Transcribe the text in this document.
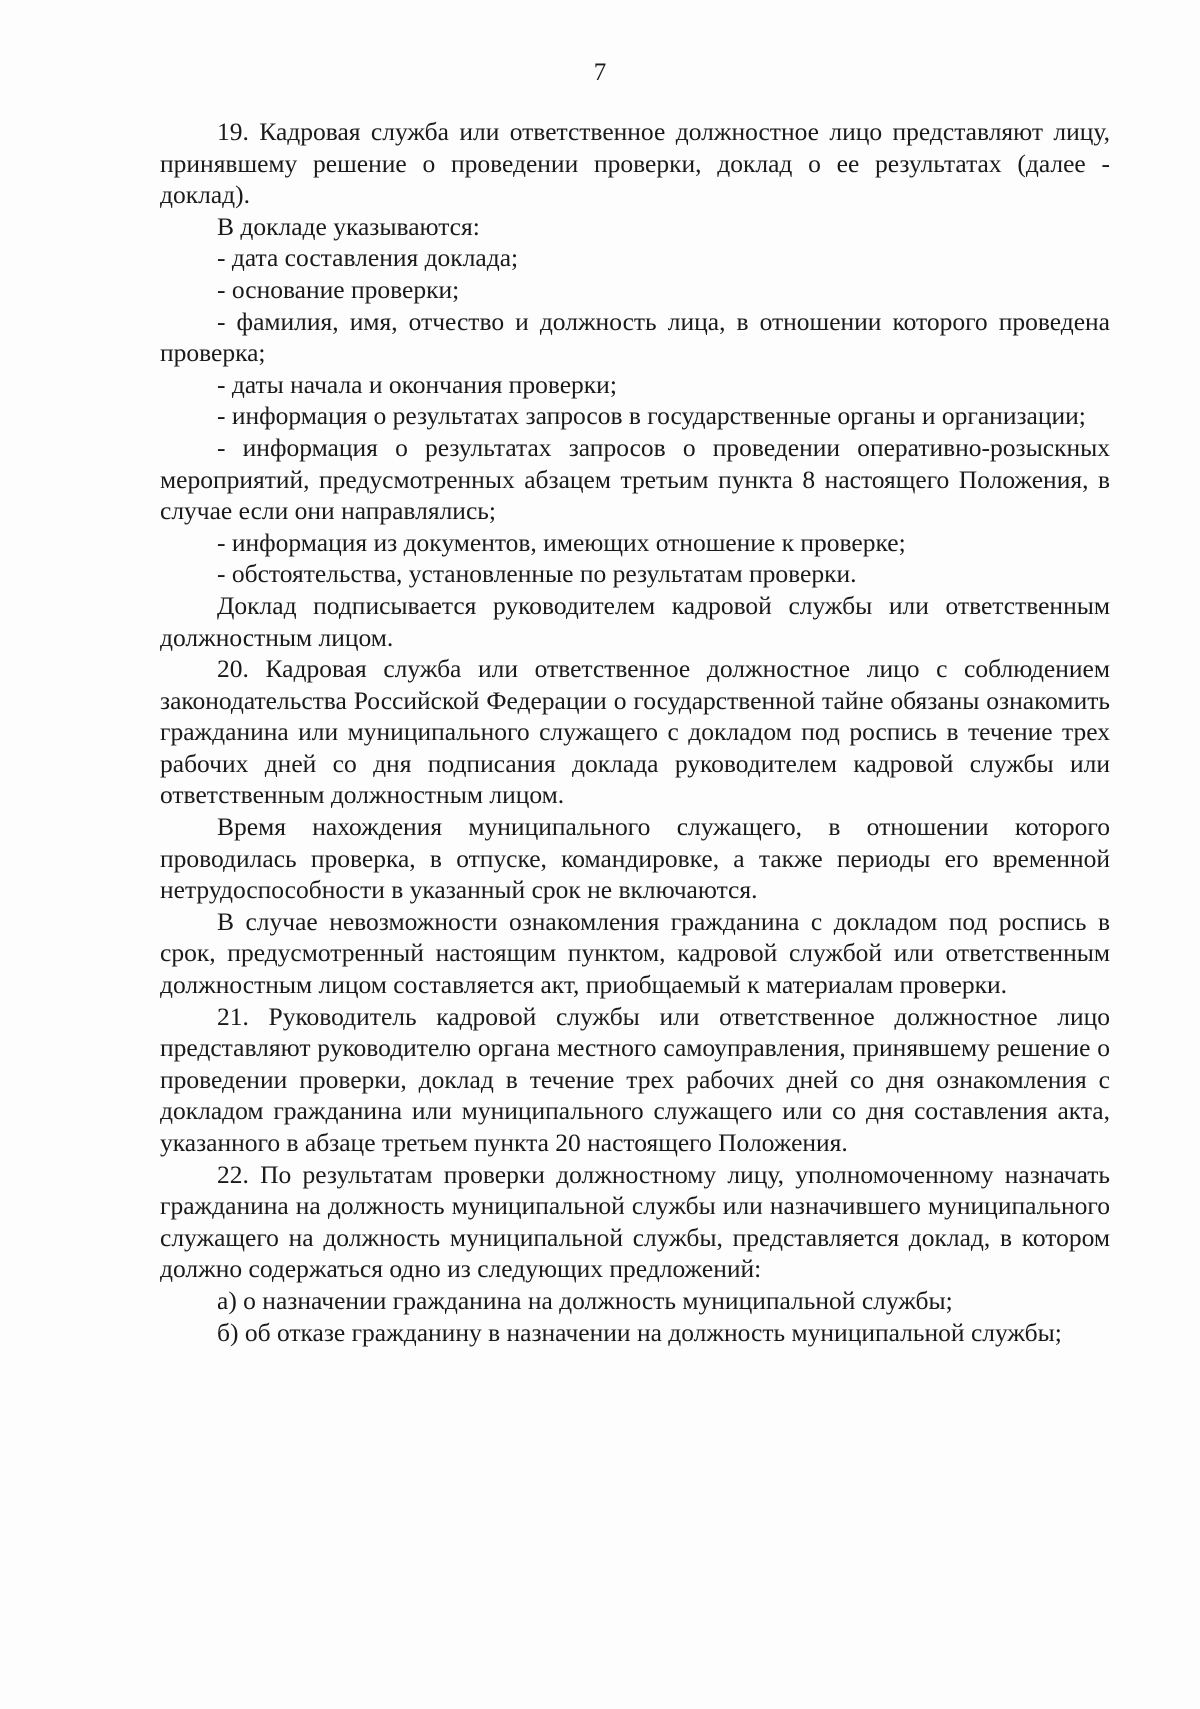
7

19. Кадровая служба или ответственное должностное лицо представляют лицу, принявшему решение о проведении проверки, доклад о ее результатах (далее - доклад).

В докладе указываются:

- дата составления доклада;

- основание проверки;

- фамилия, имя, отчество и должность лица, в отношении которого проведена проверка;

- даты начала и окончания проверки;

- информация о результатах запросов в государственные органы и организации;

- информация о результатах запросов о проведении оперативно-розыскных мероприятий, предусмотренных абзацем третьим пункта 8 настоящего Положения, в случае если они направлялись;

- информация из документов, имеющих отношение к проверке;

- обстоятельства, установленные по результатам проверки.

Доклад подписывается руководителем кадровой службы или ответственным должностным лицом.

20. Кадровая служба или ответственное должностное лицо с соблюдением законодательства Российской Федерации о государственной тайне обязаны ознакомить гражданина или муниципального служащего с докладом под роспись в течение трех рабочих дней со дня подписания доклада руководителем кадровой службы или ответственным должностным лицом.

Время нахождения муниципального служащего, в отношении которого проводилась проверка, в отпуске, командировке, а также периоды его временной нетрудоспособности в указанный срок не включаются.

В случае невозможности ознакомления гражданина с докладом под роспись в срок, предусмотренный настоящим пунктом, кадровой службой или ответственным должностным лицом составляется акт, приобщаемый к материалам проверки.

21. Руководитель кадровой службы или ответственное должностное лицо представляют руководителю органа местного самоуправления, принявшему решение о проведении проверки, доклад в течение трех рабочих дней со дня ознакомления с докладом гражданина или муниципального служащего или со дня составления акта, указанного в абзаце третьем пункта 20 настоящего Положения.

22. По результатам проверки должностному лицу, уполномоченному назначать гражданина на должность муниципальной службы или назначившего муниципального служащего на должность муниципальной службы, представляется доклад, в котором должно содержаться одно из следующих предложений:

а) о назначении гражданина на должность муниципальной службы;

б) об отказе гражданину в назначении на должность муниципальной службы;
